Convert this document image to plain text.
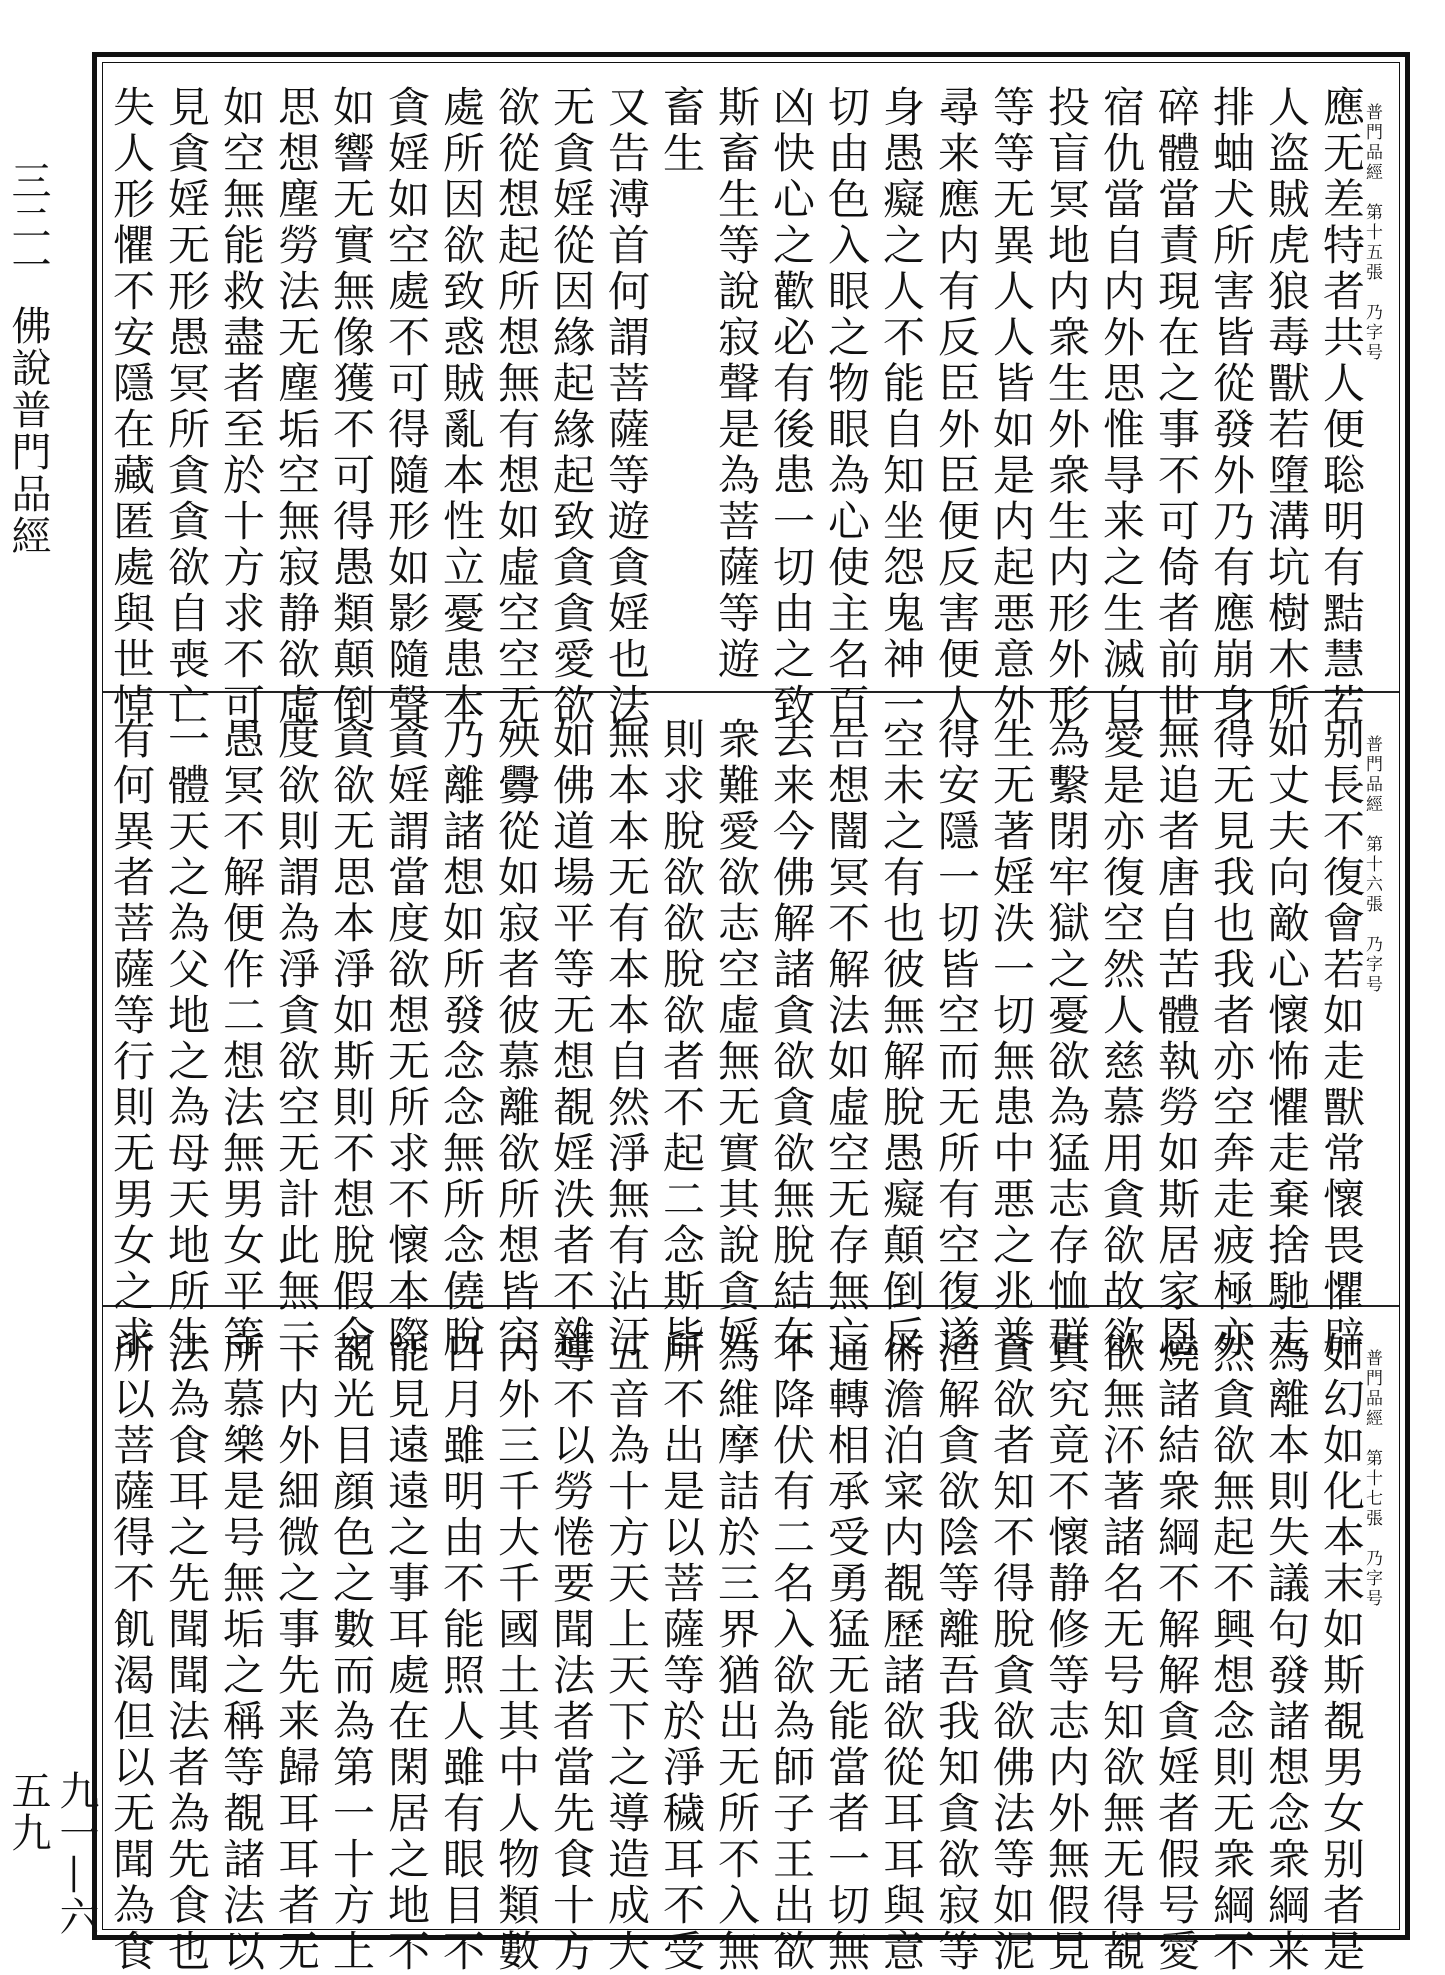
三二一
佛說普門品經
九一—六五九
普門品經　第十五張　乃字号
應无差特者共人便聡明有黠慧若
人盗賊虎狼毒獸若墮溝坑樹木所
排蚰犬所害皆從發外乃有應崩身
碎體當責現在之事不可倚者前世
宿仇當自内外思惟㝵来之生滅自
投盲冥地内衆生外衆生内形外形
等等无異人人皆如是内起悪意外
尋来應内有反臣外臣便反害便人
身愚癡之人不能自知坐怨鬼神一
切由色入眼之物眼為心使主名百
凶快心之歡必有後患一切由之致
斯畜生等說寂聲是為菩薩等遊
畜生
又告溥首何謂菩薩等遊貪婬也法
无貪婬從因緣起緣起致貪貪愛欲
欲從想起所想無有想如虛空空无
處所因欲致惑賊亂本性立憂患本
貪婬如空處不可得隨形如影隨聲
如響无實無像獲不可得愚類顛倒
思想塵勞法无塵垢空無寂静欲虛
如空無能救盡者至於十方求不可
見貪婬无形愚冥所貪貪欲自喪亡
失人形懼不安隱在藏匿處與世悼
普門品經　第十六張　乃字号
别長不復會若如走獸常懷畏懼辟
如丈夫向敵心懷怖懼走棄捨馳走
得无見我也我者亦空奔走疲極亦
無追者唐自苦體執勞如斯居家恩
愛是亦復空然人慈慕用貪欲故欲
為繫閉牢獄之憂欲為猛志存恤群
生无著婬泆一切無患中悪之兆普
得安隱一切皆空而无所有空復遂
空未之有也彼無解脫愚癡顛倒反
告想闇冥不解法如虛空无存無亡
去来今佛解諸貪欲貪欲無脫結在
衆難愛欲志空虛無无實其說貪婬
則求脫欲欲脫欲者不起二念斯皆
無本本无有本本自然淨無有沾汙
如佛道場平等无想覩婬泆者不雜
殃釁從如寂者彼慕離欲所想皆空
乃離諸想如所發念念無所念僥脫
貪婬謂當度欲想无所求不懷本際
貪欲无思本淨如斯則不想脫假令
度欲則謂為淨貪欲空无計此無二
愚冥不解便作二想法無男女平等
一體天之為父地之為母天地所生
有何異者菩薩等行則无男女之求
普門品經　第十七張　乃字号
如幻如化本末如斯覩男女别者是
為離本則失議句發諸想念衆綱来
然貪欲無起不興想念則无衆綱不
燒諸結衆綱不解解貪婬者假号愛
欲無㳅著諸名无号知欲無无得覩
真究竟不懷静修等志内外無假見
貪欲者知不得脫貪欲佛法等如泥
洹解貪欲陰等離吾我知貪欲寂等
術澹泊寀内覩歷諸欲從耳耳與意
通轉相承受勇猛无能當者一切無
不降伏有二名入欲為師子王出欲
為維摩詰於三界猶出无所不入無
所不出是以菩薩等於淨穢耳不受
五音為十方天上天下之導造成大
導不以勞惓要聞法者當先食十方
内外三千大千國土其中人物類數
日月雖明由不能照人雖有眼目不
能見遠遠之事耳處在閑居之地不
覩光目顔色之數而為第一十方上
下内外細微之事先来歸耳耳者无
所慕樂是号無垢之稱等覩諸法以
法為食耳之先聞聞法者為先食也
所以菩薩得不飢渴但以无聞為食
